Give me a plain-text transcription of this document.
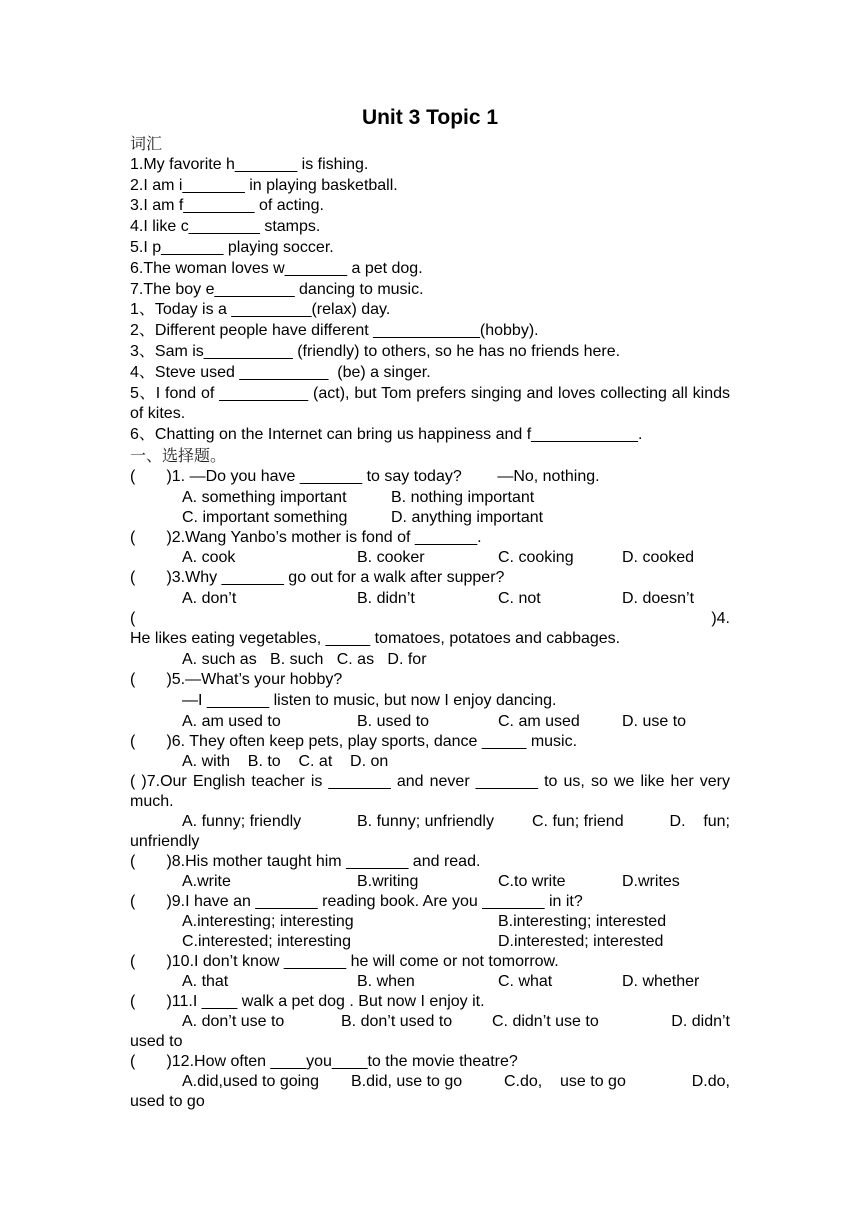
Unit 3 Topic 1
词汇
1.My favorite h_______ is fishing.
2.I am i_______ in playing basketball.
3.I am f________ of acting.
4.I like c________ stamps.
5.I p_______ playing soccer.
6.The woman loves w_______ a pet dog.
7.The boy e_________ dancing to music.
1、Today is a _________(relax) day.
2、Different people have different ____________(hobby).
3、Sam is__________ (friendly) to others, so he has no friends here.
4、Steve used __________  (be) a singer.
5、I fond of __________ (act), but Tom prefers singing and loves collecting all kinds of kites.
6、Chatting on the Internet can bring us happiness and f____________.
一、选择题。
(       )1. —Do you have _______ to say today?        —No, nothing.
A. something important	B. nothing important
C. important something	D. anything important
(       )2.Wang Yanbo’s mother is fond of _______.
A. cook	B. cooker	C. cooking	D. cooked
(       )3.Why _______ go out for a walk after supper?
A. don’t	B. didn’t	C. not	D. doesn’t
(	)4.
He likes eating vegetables, _____ tomatoes, potatoes and cabbages.
A. such as   B. such   C. as   D. for
(       )5.—What’s your hobby?
—I _______ listen to music, but now I enjoy dancing.
A. am used to	B. used to	C. am used	D. use to
(       )6. They often keep pets, play sports, dance _____ music.
A. with    B. to    C. at    D. on
( )7.Our English teacher is _______ and never _______ to us, so we like her very much.
A. funny; friendly	B. funny; unfriendly	C. fun; friend	D.    fun;
unfriendly
(       )8.His mother taught him _______ and read.
A.write	B.writing	C.to write	D.writes
(       )9.I have an _______ reading book. Are you _______ in it?
A.interesting; interesting	B.interesting; interested
C.interested; interesting	D.interested; interested
(       )10.I don’t know _______ he will come or not tomorrow.
A. that	B. when	C. what	D. whether
(       )11.I ____ walk a pet dog . But now I enjoy it.
A. don’t use to	B. don’t used to	C. didn’t use to	D. didn’t
used to
(       )12.How often ____you____to the movie theatre?
A.did,used to going	B.did, use to go	C.do,    use to go	D.do,
used to go
